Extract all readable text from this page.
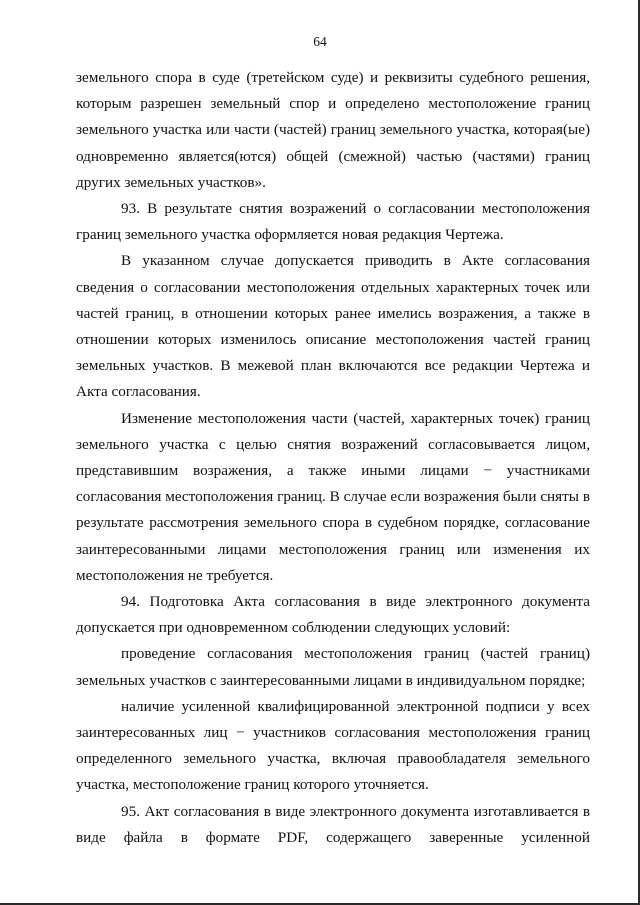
64

земельного спора в суде (третейском суде) и реквизиты судебного решения, которым разрешен земельный спор и определено местоположение границ земельного участка или части (частей) границ земельного участка, которая(ые) одновременно является(ются) общей (смежной) частью (частями) границ других земельных участков».

93. В результате снятия возражений о согласовании местоположения границ земельного участка оформляется новая редакция Чертежа.

В указанном случае допускается приводить в Акте согласования сведения о согласовании местоположения отдельных характерных точек или частей границ, в отношении которых ранее имелись возражения, а также в отношении которых изменилось описание местоположения частей границ земельных участков. В межевой план включаются все редакции Чертежа и Акта согласования.

Изменение местоположения части (частей, характерных точек) границ земельного участка с целью снятия возражений согласовывается лицом, представившим возражения, а также иными лицами − участниками согласования местоположения границ. В случае если возражения были сняты в результате рассмотрения земельного спора в судебном порядке, согласование заинтересованными лицами местоположения границ или изменения их местоположения не требуется.

94. Подготовка Акта согласования в виде электронного документа допускается при одновременном соблюдении следующих условий:

проведение согласования местоположения границ (частей границ) земельных участков с заинтересованными лицами в индивидуальном порядке;

наличие усиленной квалифицированной электронной подписи у всех заинтересованных лиц − участников согласования местоположения границ определенного земельного участка, включая правообладателя земельного участка, местоположение границ которого уточняется.

95. Акт согласования в виде электронного документа изготавливается в виде файла в формате PDF, содержащего заверенные усиленной
